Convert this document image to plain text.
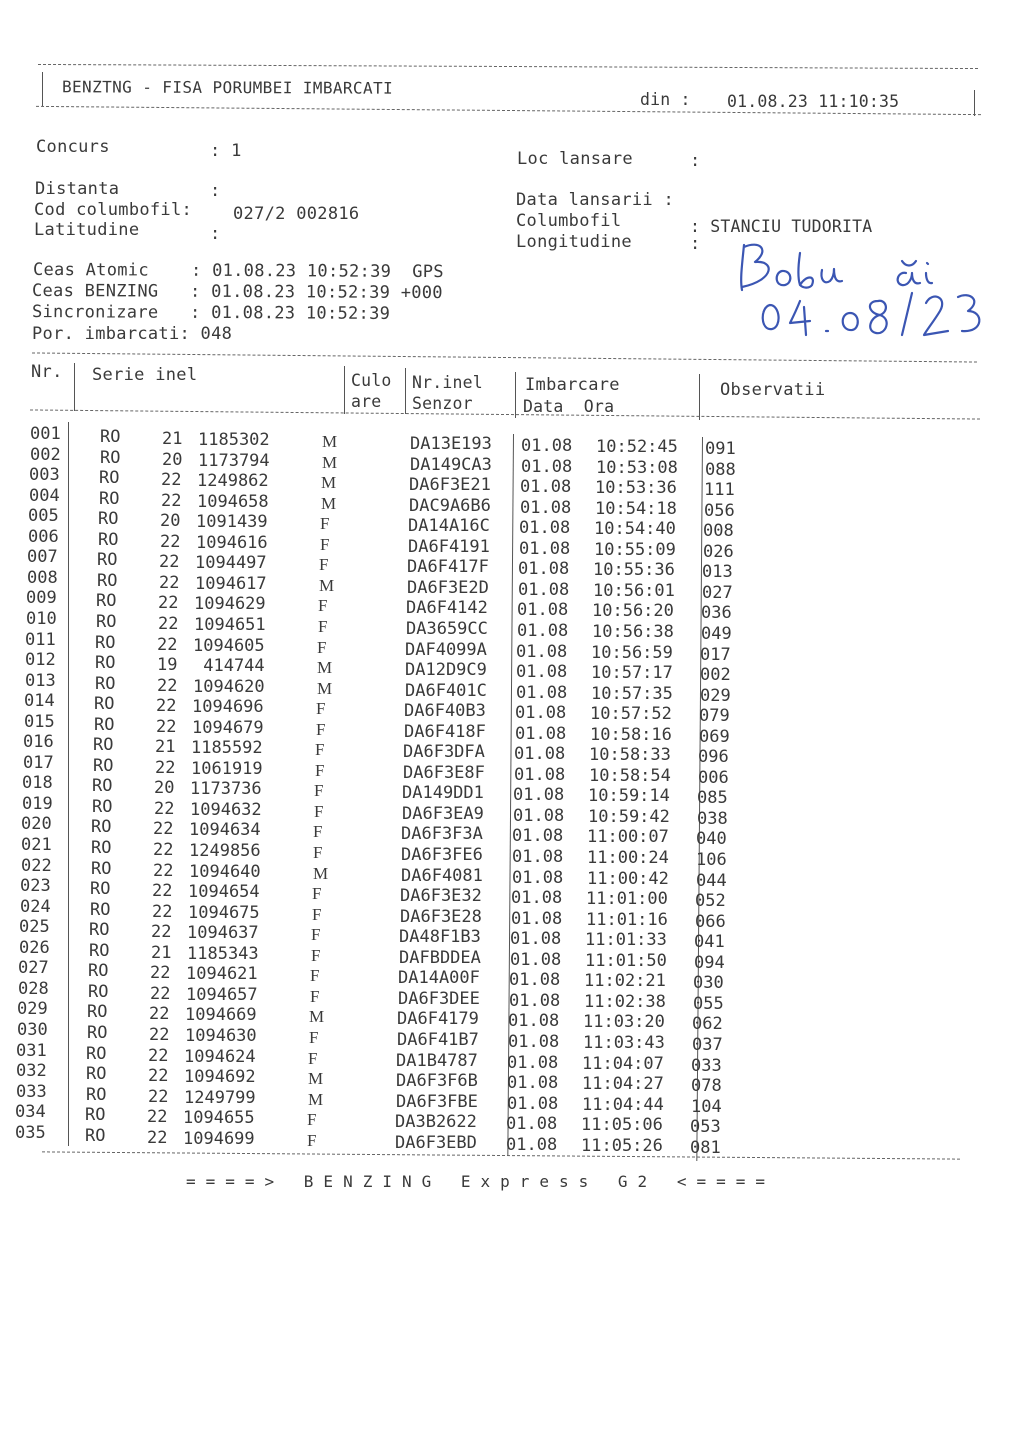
BENZTNG - FISA PORUMBEI IMBARCATI
din : 01.08.23 11:10:35
Concurs	: 1
Distanta	:
Cod columbofil: 027/2 002816
Latitudine	:
Loc lansare	:
Data lansarii :
Columbofil	: STANCIU TUDORITA
Longitudine	:
Ceas Atomic    : 01.08.23 10:52:39  GPS
Ceas BENZING   : 01.08.23 10:52:39 +000
Sincronizare   : 01.08.23 10:52:39
Por. imbarcati: 048
Nr. Serie inel	Culo
are
Nr.inel
Senzor
Imbarcare
Data  Ora
Observatii
001 RO 21 1185302	M	DA13E193 01.08 10:52:45 091
002 RO 20 1173794	M	DA149CA3 01.08 10:53:08 088
003 RO 22 1249862	M	DA6F3E21 01.08 10:53:36 111
004 RO 22 1094658	M	DAC9A6B6 01.08 10:54:18 056
005 RO 20 1091439	F	DA14A16C 01.08 10:54:40 008
006 RO 22 1094616	F	DA6F4191 01.08 10:55:09 026
007 RO 22 1094497	F	DA6F417F 01.08 10:55:36 013
008 RO 22 1094617	M	DA6F3E2D 01.08 10:56:01 027
009 RO 22 1094629	F	DA6F4142 01.08 10:56:20 036
010 RO 22 1094651	F	DA3659CC 01.08 10:56:38 049
011 RO 22 1094605	F	DAF4099A 01.08 10:56:59 017
012 RO 19 414744	M	DA12D9C9 01.08 10:57:17 002
013 RO 22 1094620	M	DA6F401C 01.08 10:57:35 029
014 RO 22 1094696	F	DA6F40B3 01.08 10:57:52 079
015 RO 22 1094679	F	DA6F418F 01.08 10:58:16 069
016 RO 21 1185592	F	DA6F3DFA 01.08 10:58:33 096
017 RO 22 1061919	F	DA6F3E8F 01.08 10:58:54 006
018 RO 20 1173736	F	DA149DD1 01.08 10:59:14 085
019 RO 22 1094632	F	DA6F3EA9 01.08 10:59:42 038
020 RO 22 1094634	F	DA6F3F3A 01.08 11:00:07 040
021 RO 22 1249856	F	DA6F3FE6 01.08 11:00:24 106
022 RO 22 1094640	M	DA6F4081 01.08 11:00:42 044
023 RO 22 1094654	F	DA6F3E32 01.08 11:01:00 052
024 RO 22 1094675	F	DA6F3E28 01.08 11:01:16 066
025 RO 22 1094637	F	DA48F1B3 01.08 11:01:33 041
026 RO 21 1185343	F	DAFBDDEA 01.08 11:01:50 094
027 RO 22 1094621	F	DA14A00F 01.08 11:02:21 030
028 RO 22 1094657	F	DA6F3DEE 01.08 11:02:38 055
029 RO 22 1094669	M	DA6F4179 01.08 11:03:20 062
030 RO 22 1094630	F	DA6F41B7 01.08 11:03:43 037
031 RO 22 1094624	F	DA1B4787 01.08 11:04:07 033
032 RO 22 1094692	M	DA6F3F6B 01.08 11:04:27 078
033 RO 22 1249799	M	DA6F3FBE 01.08 11:04:44 104
034 RO 22 1094655	F	DA3B2622 01.08 11:05:06 053
035 RO 22 1094699	F	DA6F3EBD 01.08 11:05:26 081
====> BENZING Express G2 <====
